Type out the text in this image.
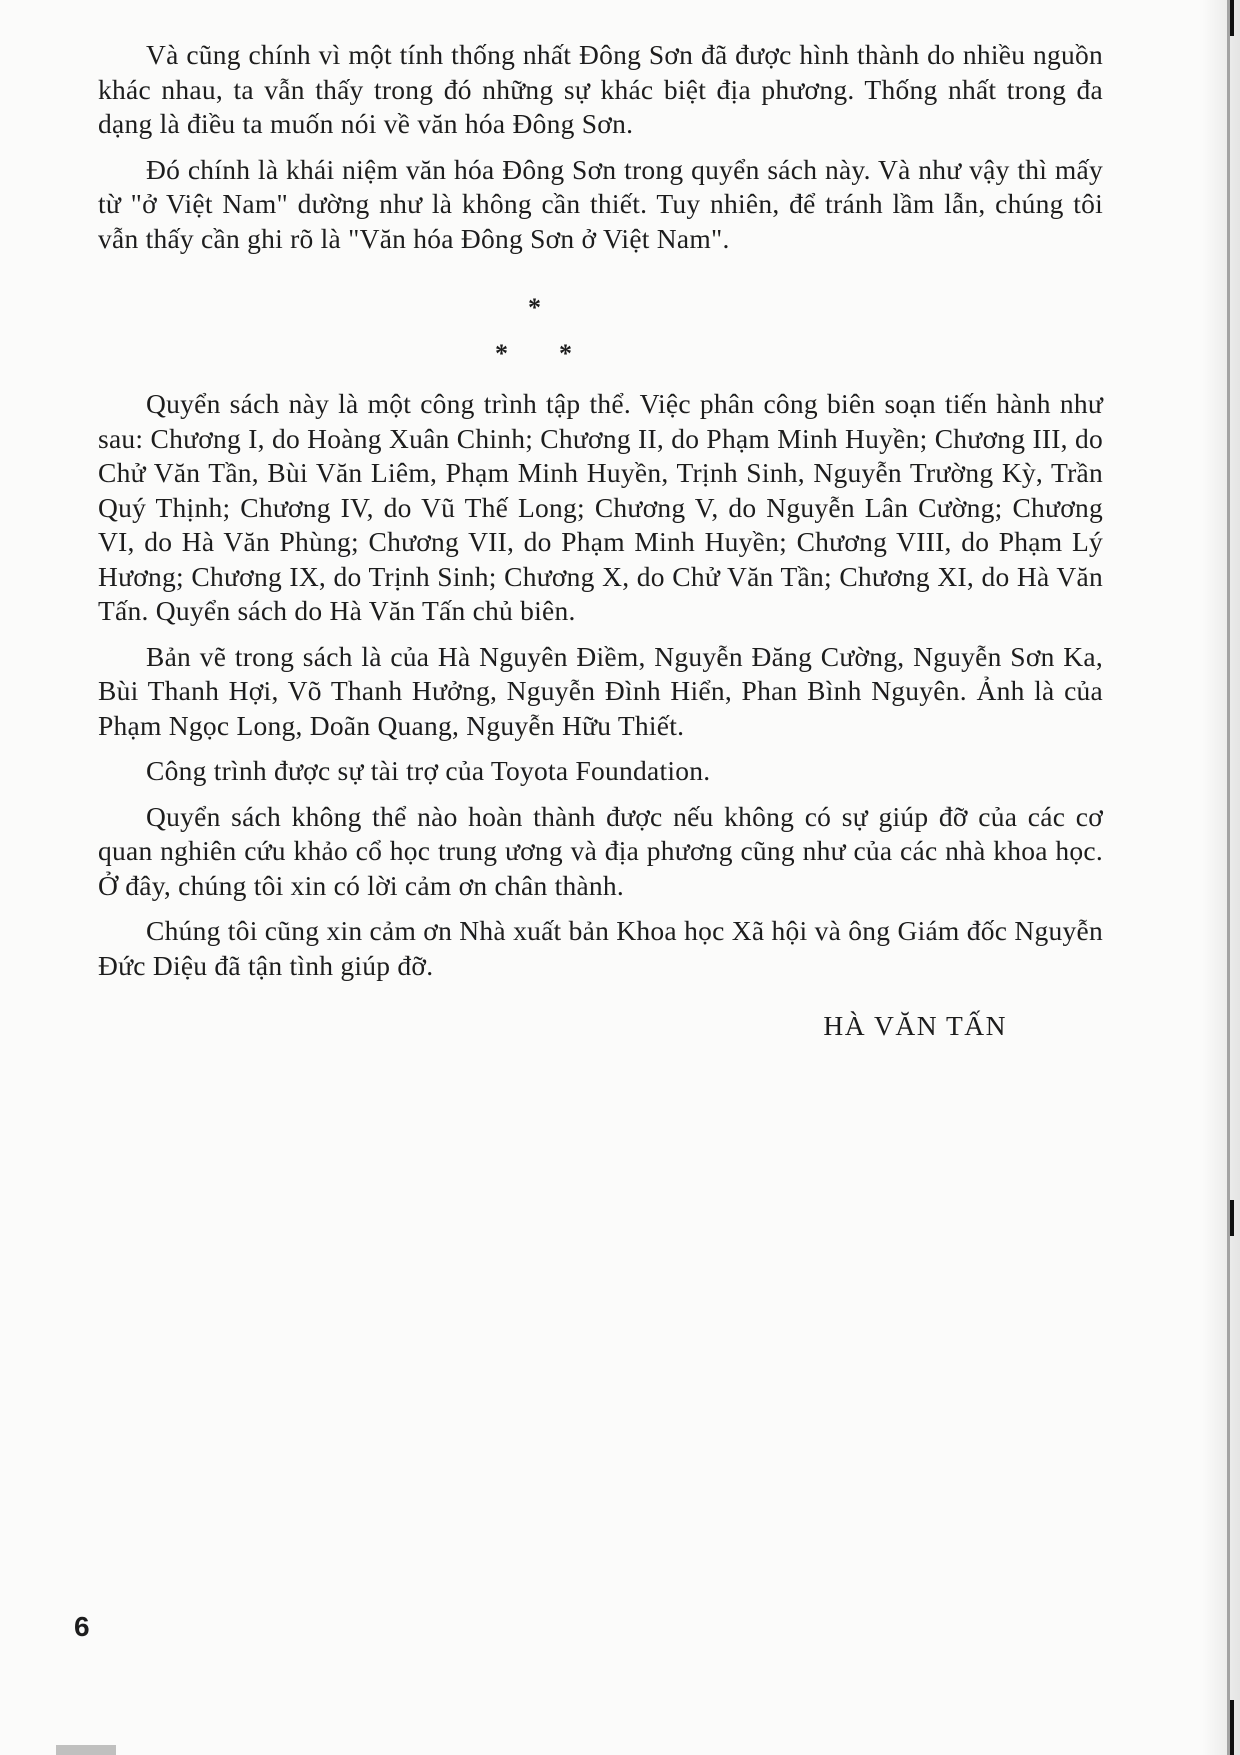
Và cũng chính vì một tính thống nhất Đông Sơn đã được hình thành do nhiều nguồn khác nhau, ta vẫn thấy trong đó những sự khác biệt địa phương. Thống nhất trong đa dạng là điều ta muốn nói về văn hóa Đông Sơn.

Đó chính là khái niệm văn hóa Đông Sơn trong quyển sách này. Và như vậy thì mấy từ "ở Việt Nam" dường như là không cần thiết. Tuy nhiên, để tránh lầm lẫn, chúng tôi vẫn thấy cần ghi rõ là "Văn hóa Đông Sơn ở Việt Nam".

*
* *

Quyển sách này là một công trình tập thể. Việc phân công biên soạn tiến hành như sau: Chương I, do Hoàng Xuân Chinh; Chương II, do Phạm Minh Huyền; Chương III, do Chử Văn Tần, Bùi Văn Liêm, Phạm Minh Huyền, Trịnh Sinh, Nguyễn Trường Kỳ, Trần Quý Thịnh; Chương IV, do Vũ Thế Long; Chương V, do Nguyễn Lân Cường; Chương VI, do Hà Văn Phùng; Chương VII, do Phạm Minh Huyền; Chương VIII, do Phạm Lý Hương; Chương IX, do Trịnh Sinh; Chương X, do Chử Văn Tần; Chương XI, do Hà Văn Tấn. Quyển sách do Hà Văn Tấn chủ biên.

Bản vẽ trong sách là của Hà Nguyên Điềm, Nguyễn Đăng Cường, Nguyễn Sơn Ka, Bùi Thanh Hợi, Võ Thanh Hưởng, Nguyễn Đình Hiển, Phan Bình Nguyên. Ảnh là của Phạm Ngọc Long, Doãn Quang, Nguyễn Hữu Thiết.

Công trình được sự tài trợ của Toyota Foundation.

Quyển sách không thể nào hoàn thành được nếu không có sự giúp đỡ của các cơ quan nghiên cứu khảo cổ học trung ương và địa phương cũng như của các nhà khoa học. Ở đây, chúng tôi xin có lời cảm ơn chân thành.

Chúng tôi cũng xin cảm ơn Nhà xuất bản Khoa học Xã hội và ông Giám đốc Nguyễn Đức Diệu đã tận tình giúp đỡ.

HÀ VĂN TẤN
6
